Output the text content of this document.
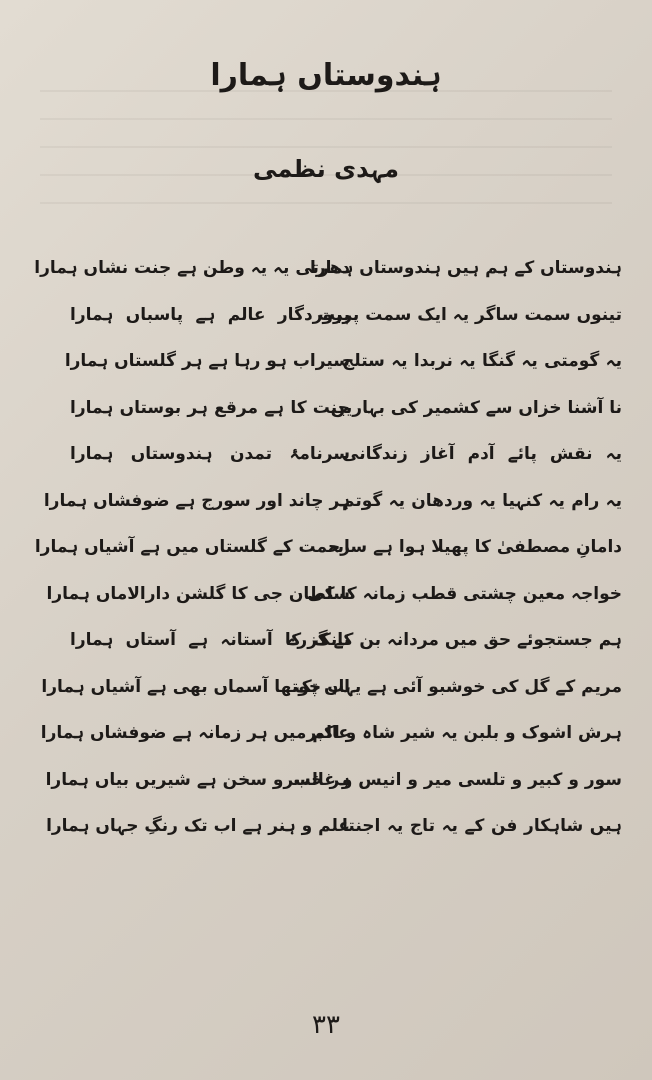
ہندوستاں ہمارا
مہدی نظمی
ہندوستاں کے ہم ہیں ہندوستاں ہمارا
تینوں سمت ساگر یہ ایک سمت پربت
یہ گومتی یہ گنگا یہ نربدا یہ ستلج
نا آشنا خزاں سے کشمیر کی بہاریں
یہ نقش پائے آدم آغاز زندگانی
یہ رام یہ کنہیا یہ وردھان یہ گوتم
دامانِ مصطفیٰ کا پھیلا ہوا ہے سایہ
خواجہ معین چشتی قطب زمانہ کا کی
ہم جستجوئے حق میں مردانہ بن کے گزرے
مریم کے گل کی خوشبو آئی ہے یہاں تک
ہرش اشوک و بلبن یہ شیر شاہ و اکبر
سور و کبیر و تلسی میر و انیس و غالب
ہیں شاہکار فن کے یہ تاج یہ اجنتا
دھرتی یہ یہ وطن ہے جنت نشاں ہمارا
پروردگار عالم ہے پاسباں ہمارا
سیراب ہو رہا ہے ہر گلستاں ہمارا
جنت کا ہے مرقع ہر بوستاں ہمارا
سرنامۂ تمدن ہندوستاں ہمارا
ہر چاند اور سورج ہے ضوفشاں ہمارا
رحمت کے گلستاں میں ہے آشیاں ہمارا
سلطان جی کا گلشن دارالاماں ہمارا
نانک کا آستانہ ہے آستاں ہمارا
اب چوتھا آسماں بھی ہے آشیاں ہمارا
عالم میں ہر زمانہ ہے ضوفشاں ہمارا
ہر خسرو سخن ہے شیریں بیاں ہمارا
علم و ہنر ہے اب تک رنگِ جہاں ہمارا
۳۳
